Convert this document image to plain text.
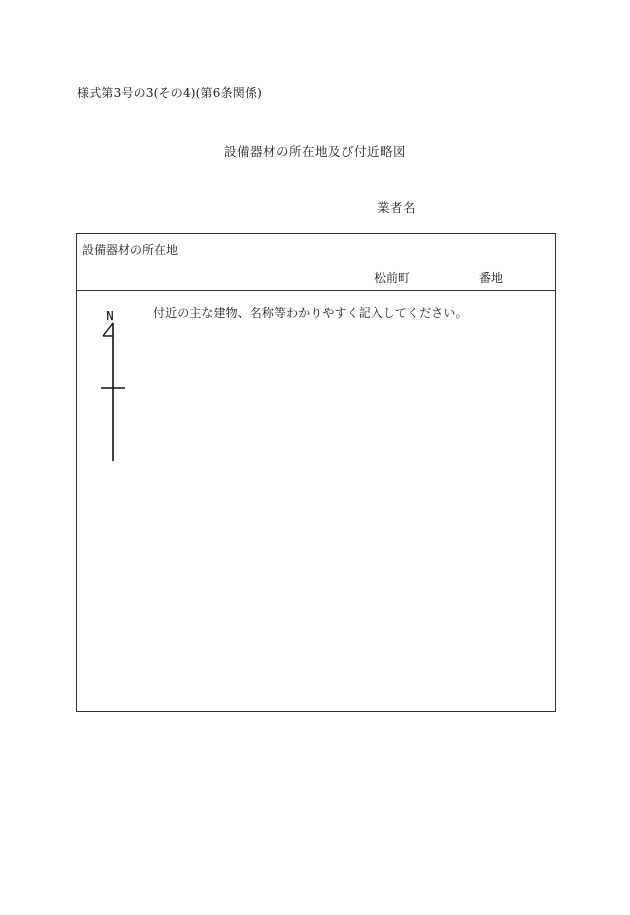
様式第3号の3(その4)(第6条関係)
設備器材の所在地及び付近略図
業者名
設備器材の所在地
松前町	番地
付近の主な建物、名称等わかりやすく記入してください。
N
